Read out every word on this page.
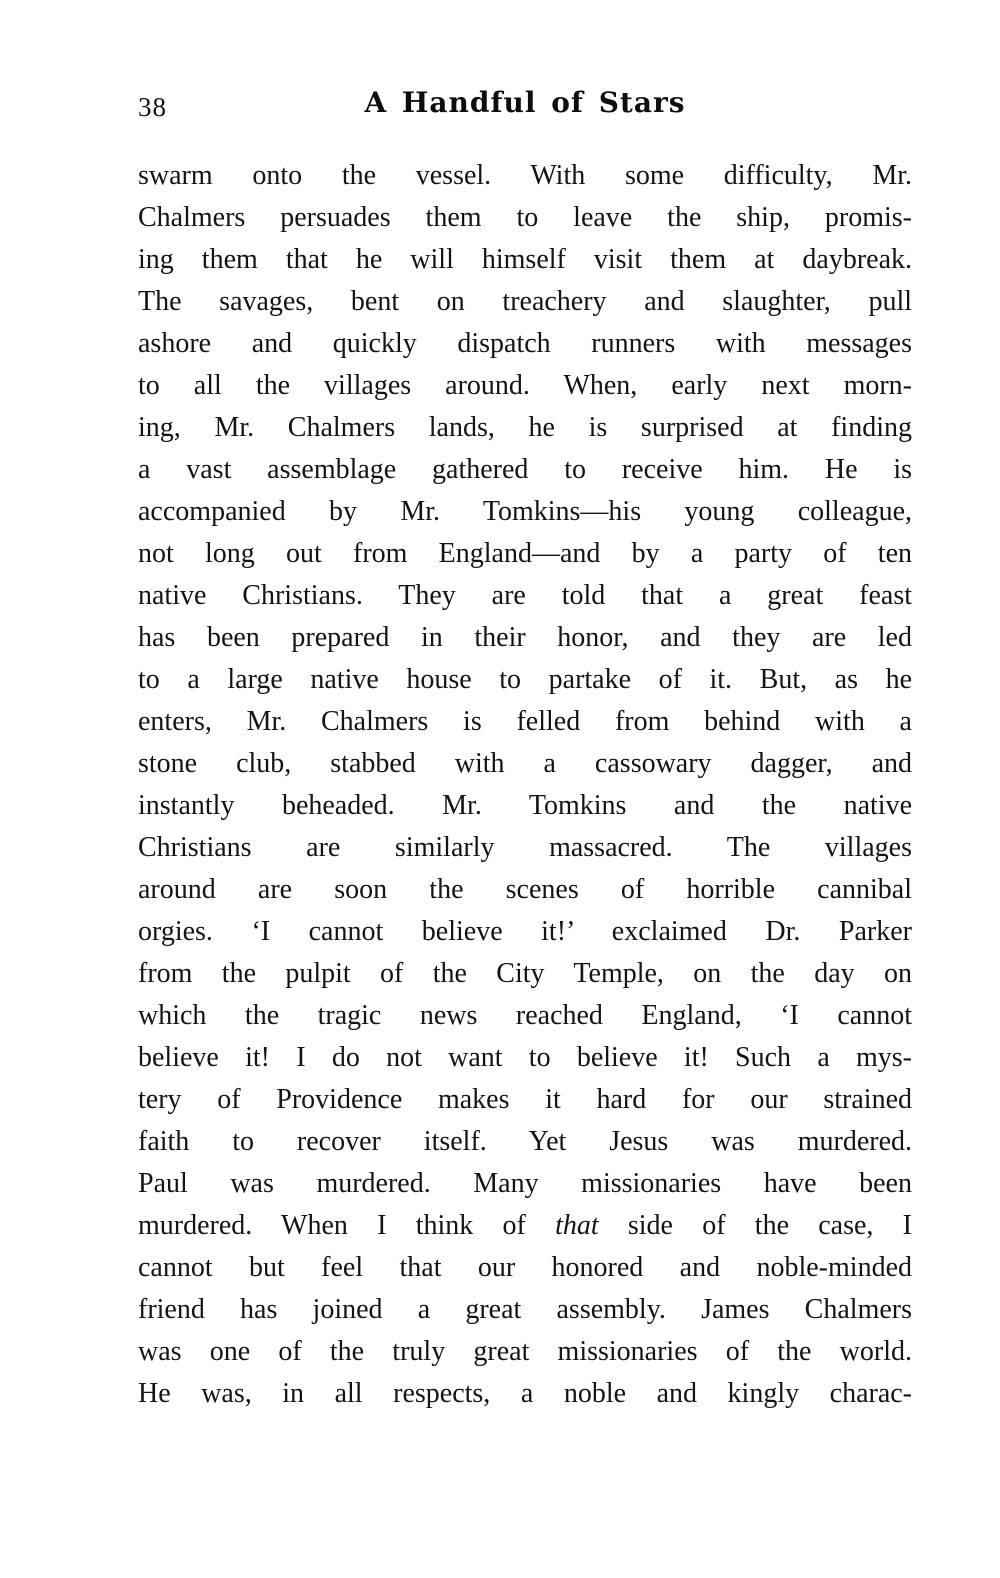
38	A Handful of Stars
swarm onto the vessel. With some difficulty, Mr.
Chalmers persuades them to leave the ship, promis-
ing them that he will himself visit them at daybreak.
The savages, bent on treachery and slaughter, pull
ashore and quickly dispatch runners with messages
to all the villages around. When, early next morn-
ing, Mr. Chalmers lands, he is surprised at finding
a vast assemblage gathered to receive him. He is
accompanied by Mr. Tomkins—his young colleague,
not long out from England—and by a party of ten
native Christians. They are told that a great feast
has been prepared in their honor, and they are led
to a large native house to partake of it. But, as he
enters, Mr. Chalmers is felled from behind with a
stone club, stabbed with a cassowary dagger, and
instantly beheaded. Mr. Tomkins and the native
Christians are similarly massacred. The villages
around are soon the scenes of horrible cannibal
orgies. ‘I cannot believe it!’ exclaimed Dr. Parker
from the pulpit of the City Temple, on the day on
which the tragic news reached England, ‘I cannot
believe it! I do not want to believe it! Such a mys-
tery of Providence makes it hard for our strained
faith to recover itself. Yet Jesus was murdered.
Paul was murdered. Many missionaries have been
murdered. When I think of that side of the case, I
cannot but feel that our honored and noble-minded
friend has joined a great assembly. James Chalmers
was one of the truly great missionaries of the world.
He was, in all respects, a noble and kingly charac-
